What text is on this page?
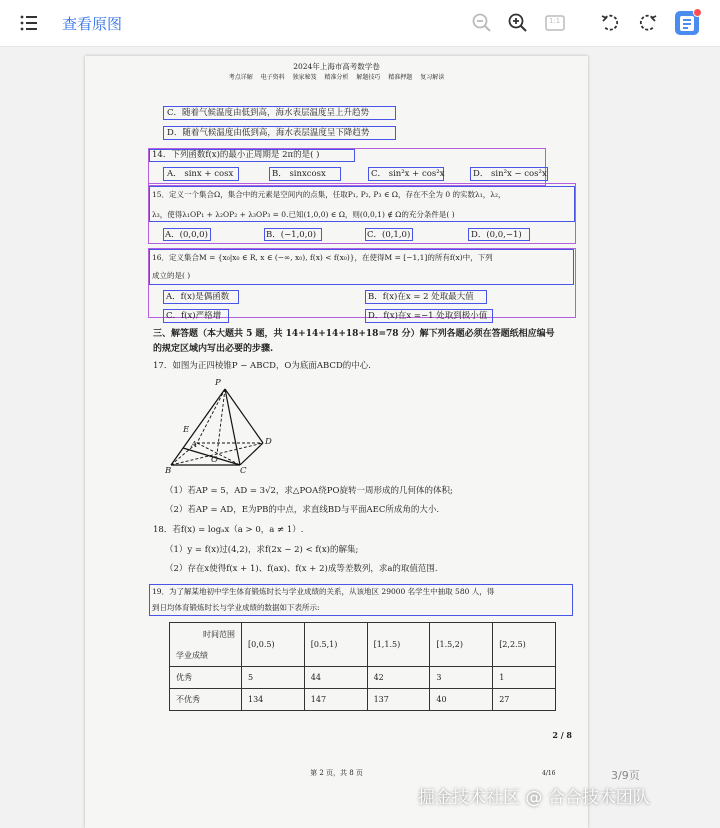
查看原图	1:1
2024年上海市高考数学卷
考点详解 电子资料 独家秘笈 精准分析 解题技巧 精准押题 复习解读
C．随着气候温度由低到高，海水表层温度呈上升趋势
D．随着气候温度由低到高，海水表层温度呈下降趋势
14．下列函数f(x)的最小正周期是 2π的是( )
A． sinx + cosx	B． sinxcosx	C． sin²x + cos²x	D． sin²x − cos²x
15．定义一个集合Ω，集合中的元素是空间内的点集，任取P₁, P₂, P₃ ∈ Ω，存在不全为 0 的实数λ₁，λ₂，
λ₃，使得λ₁OP₁ + λ₂OP₂ + λ₃OP₃ = 0.已知(1,0,0) ∈ Ω，则(0,0,1) ∉ Ω的充分条件是( )
A．(0,0,0)	B．(−1,0,0)	C．(0,1,0)	D．(0,0,−1)
16．定义集合M = {x₀|x₀ ∈ R, x ∈ (−∞, x₀), f(x) < f(x₀)}，在使得M = [−1,1]的所有f(x)中，下列
成立的是( )
A．f(x)是偶函数	B．f(x)在x = 2 处取最大值
C．f(x)严格增	D．f(x)在x =−1 处取到极小值
三、解答题（本大题共 5 题，共 14+14+14+18+18=78 分）解下列各题必须在答题纸相应编号
的规定区域内写出必要的步骤.
17．如图为正四棱锥P − ABCD，O为底面ABCD的中心.
P
E
A
B	C
D
O
（1）若AP = 5，AD = 3√2，求△POA绕PO旋转一周形成的几何体的体积;
（2）若AP = AD，E为PB的中点，求直线BD与平面AEC所成角的大小.
18．若f(x) = logₐx（a > 0，a ≠ 1）.
（1）y = f(x)过(4,2)，求f(2x − 2) < f(x)的解集;
（2）存在x使得f(x + 1)、f(ax)、f(x + 2)成等差数列，求a的取值范围.
19．为了解某地初中学生体育锻炼时长与学业成绩的关系，从该地区 29000 名学生中抽取 580 人，得
到日均体育锻炼时长与学业成绩的数据如下表所示:
时间范围
学业成绩	[0,0.5)	[0.5,1)	[1,1.5)	[1.5,2)	[2,2.5)
优秀	5	44	42	3	1
不优秀	134	147	137	40	27
2 / 8
第 2 页，共 8 页	4/16	3/9页
掘金技术社区 @ 合合技术团队
